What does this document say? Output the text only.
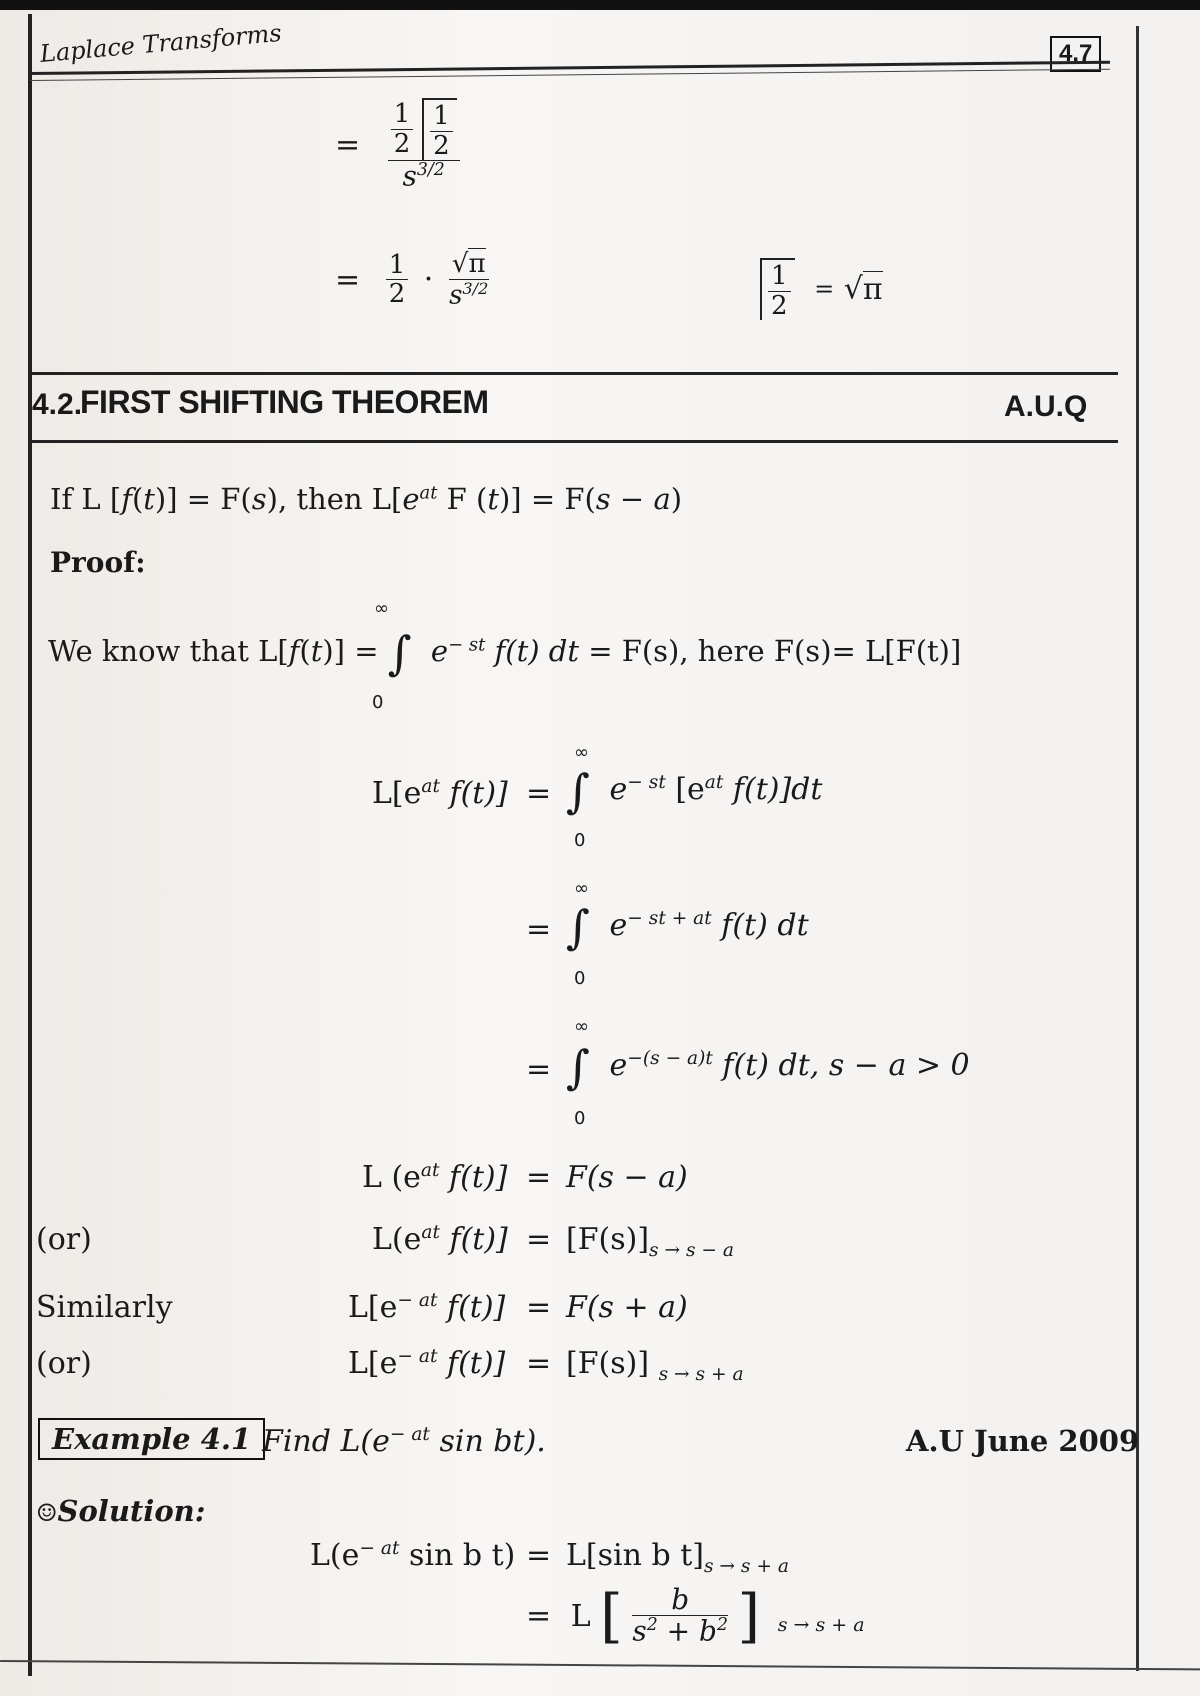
Laplace Transforms	4.7
= $\frac{1}{2}$
$\frac{1}{2}$
$s^{3/2}$
= $\frac{1}{2} \cdot \frac{√\pi}{s^{3/2}}$	$\frac{1}{2} = √\pi$
4.2.
FIRST SHIFTING THEOREM	A.U.Q
If L [f(t)] = F(s), then $L[e^{at}$ F (t)] = F(s − a)
Proof:
∞
We know that L[f(t)] = ∫ $e^{- st}$ f(t) dt = F(s), here F(s)= L[F(t)]
0
∞
$L[e^{at}$ f(t)] = ∫ $e^{- st}$ [$e^{at}$ f(t)]dt
0
∞
= ∫ $e^{- st + at}$ f(t) dt
0
∞
= ∫ $e^{-(s - a)t}$ f(t) dt, s − a > 0
0
L ($e^{at}$ f(t)] = F(s − a)
(or)	$L(e^{at}$ $f(t)] = [F(s)]_{s \to s - a}$
Similarly	$L[e^{- at}$ f(t)] = F(s + a)
(or)	$L[e^{- at}$ f(t)] = [F(s)] $_{s \to s + a}$
Example 4.1 Find $L(e^{- at}$ sin bt).	A.U June 2009
☺Solution:
$L(e^{- at}$ sin b t) = L[sin b $t]_{s \to s + a}$
= L [ $\frac{b}{s^2 + b^2}$ ] $_{s \to s + a}$
